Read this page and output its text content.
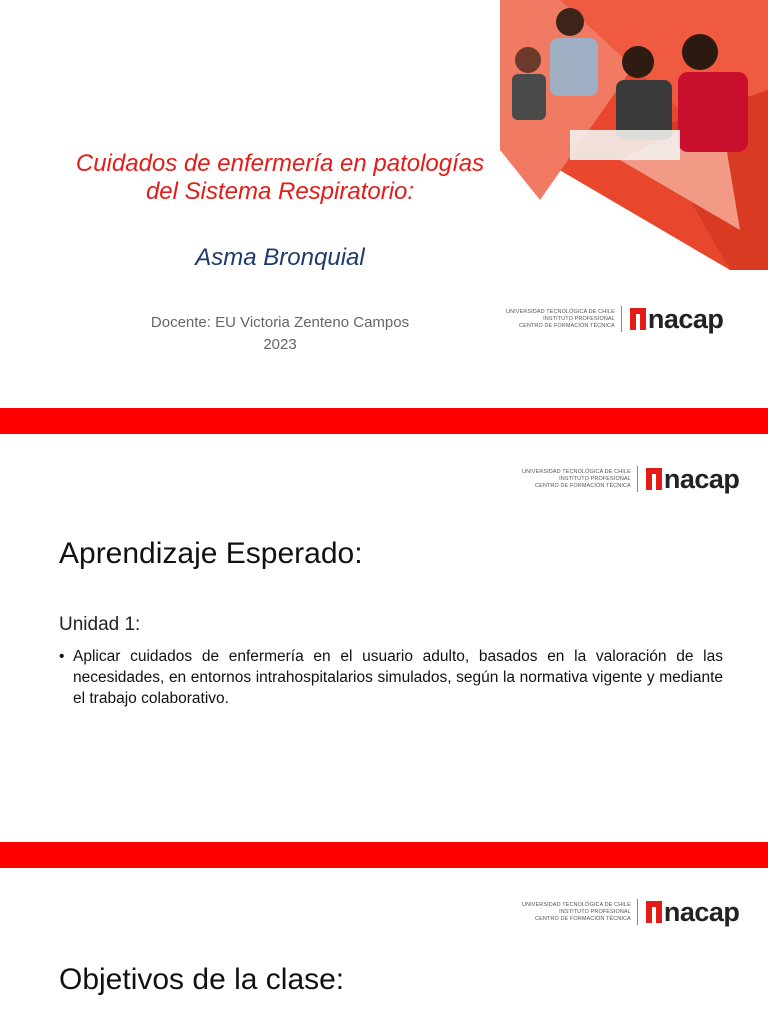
Cuidados de enfermería en patologías
del Sistema Respiratorio:
Asma Bronquial
Docente: EU Victoria Zenteno Campos
2023
UNIVERSIDAD TECNOLÓGICA DE CHILE
INSTITUTO PROFESIONAL
CENTRO DE FORMACIÓN TÉCNICA nacap
UNIVERSIDAD TECNOLÓGICA DE CHILE
INSTITUTO PROFESIONAL
CENTRO DE FORMACIÓN TÉCNICA nacap
Aprendizaje Esperado:
Unidad 1:
• Aplicar cuidados de enfermería en el usuario adulto, basados en la valoración de las necesidades, en entornos intrahospitalarios simulados, según la normativa vigente y mediante el trabajo colaborativo.
UNIVERSIDAD TECNOLÓGICA DE CHILE
INSTITUTO PROFESIONAL
CENTRO DE FORMACIÓN TÉCNICA nacap
Objetivos de la clase:
